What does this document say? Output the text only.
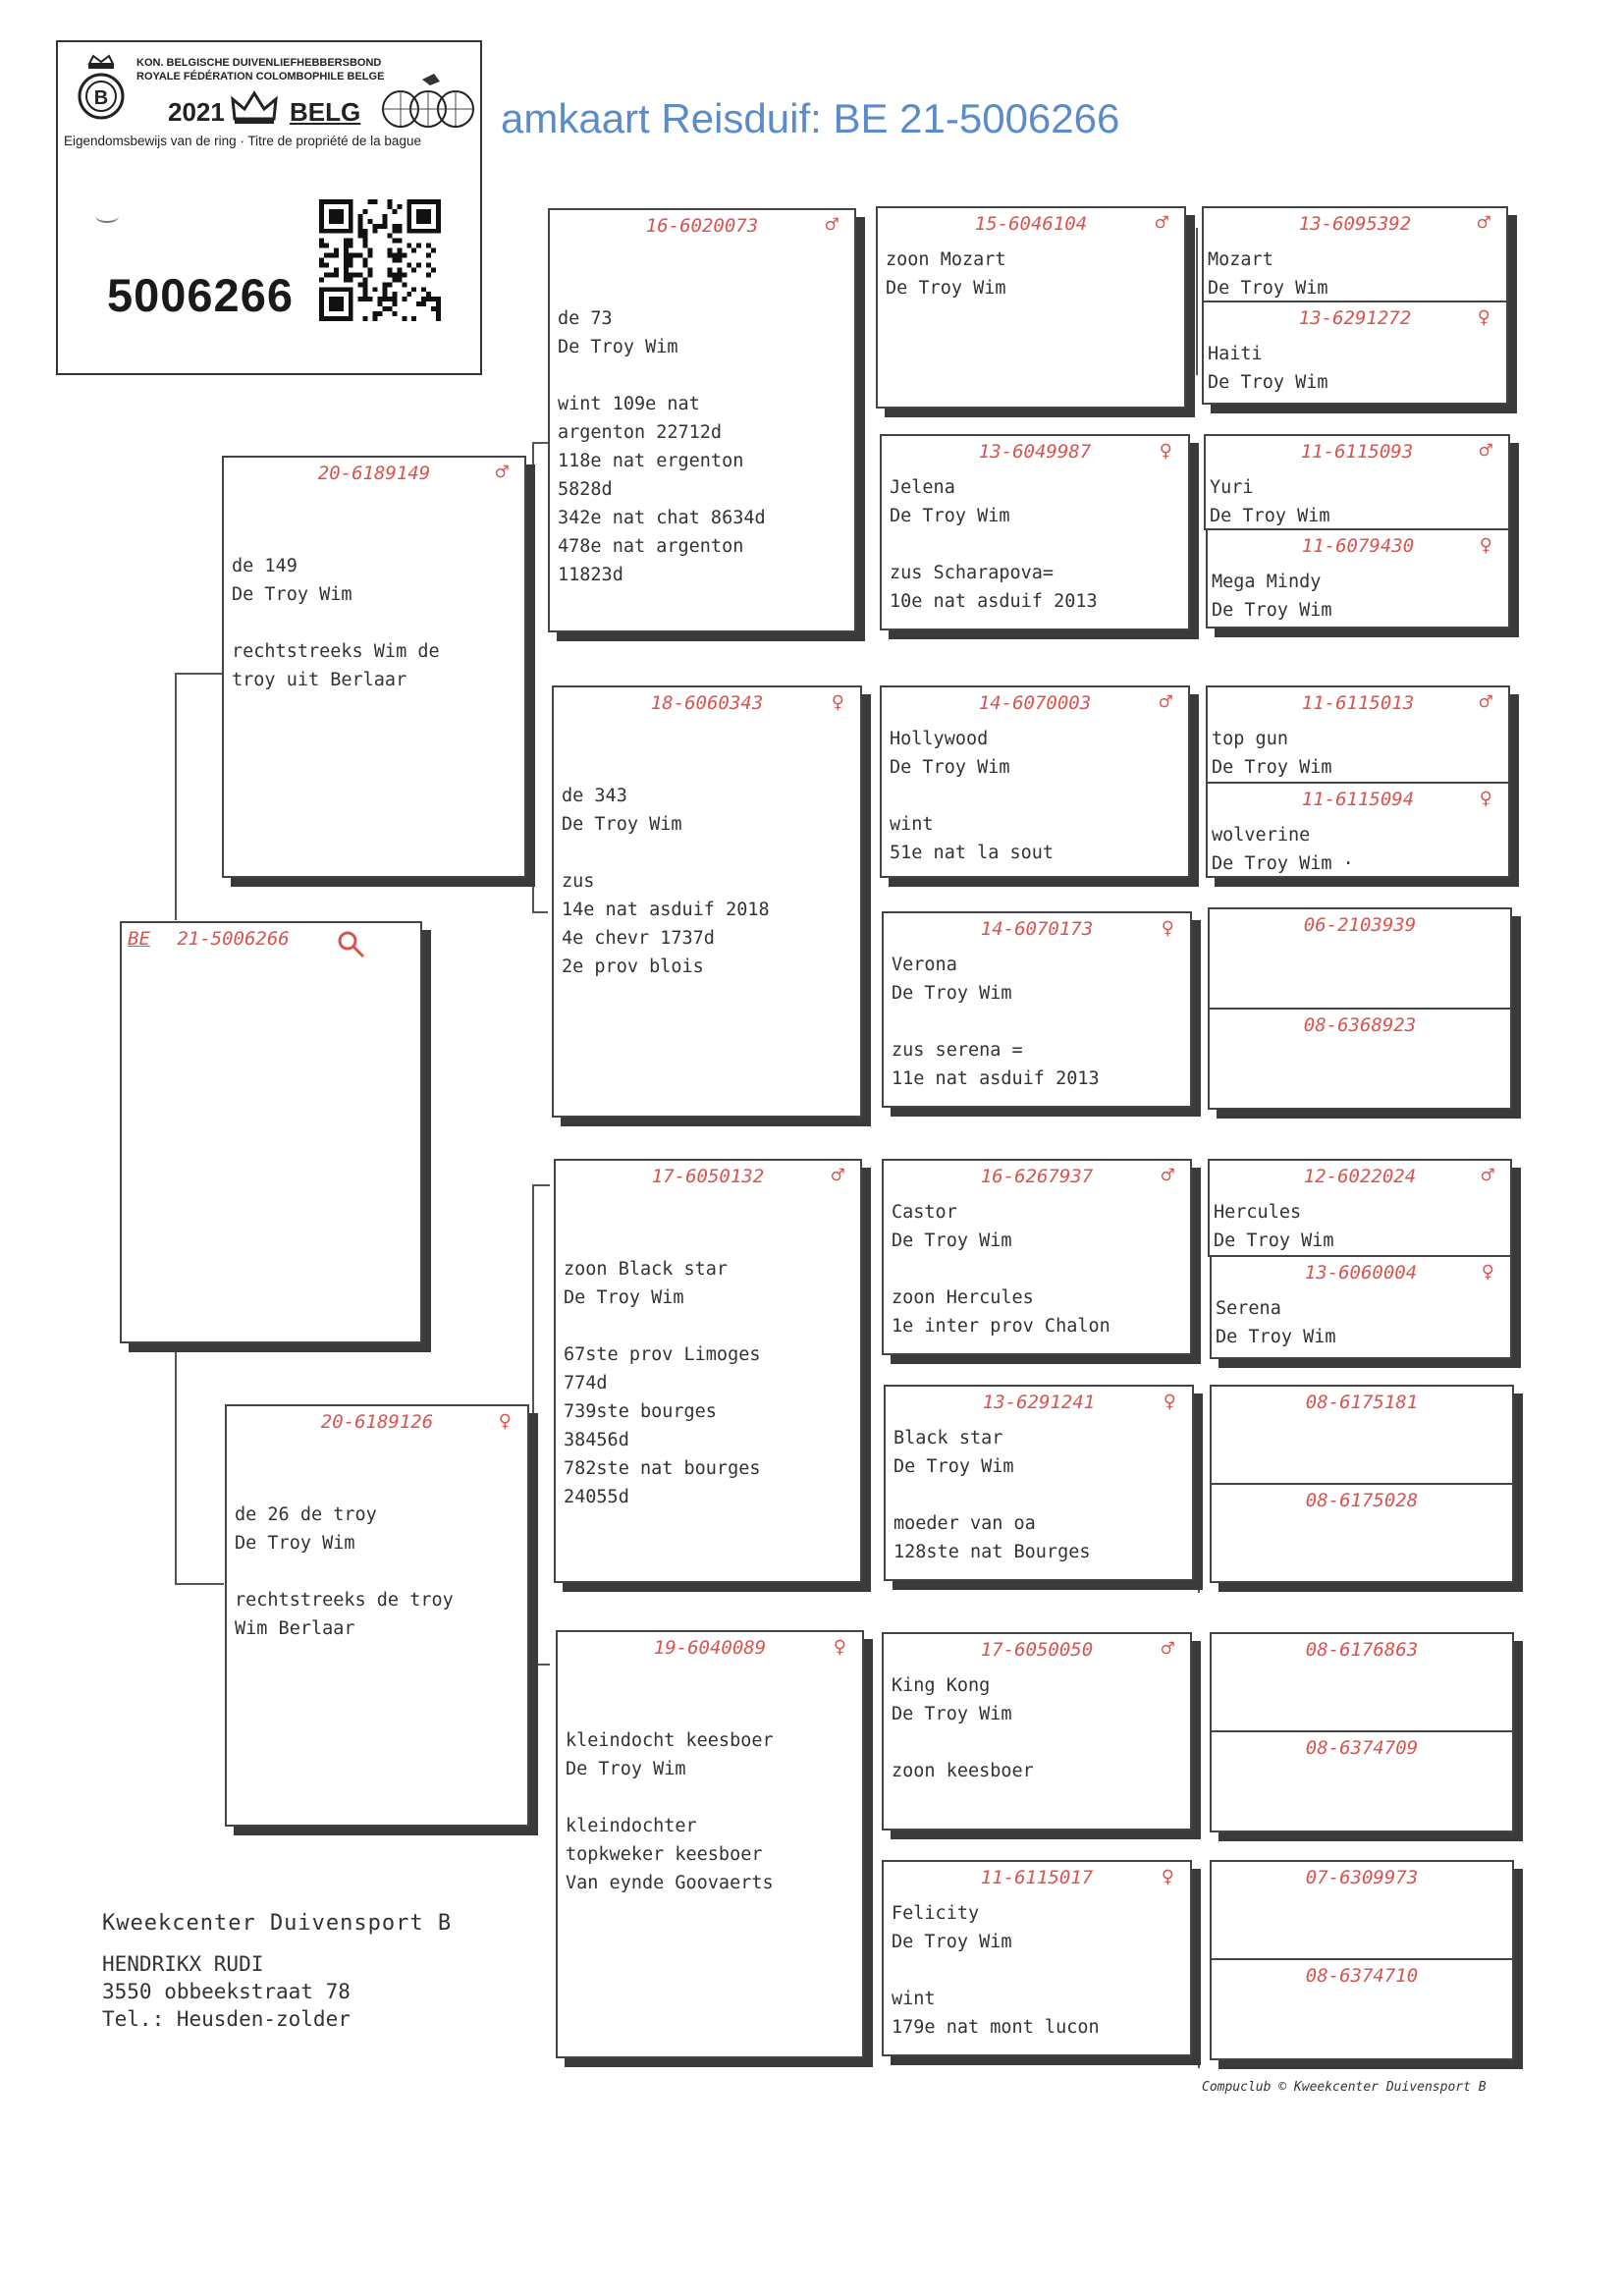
B
KON. BELGISCHE DUIVENLIEFHEBBERSBOND
ROYALE FÉDÉRATION COLOMBOPHILE BELGE
2021	BELG
Eigendomsbewijs van de ring · Titre de propriété de la bague
5006266
amkaart Reisduif: BE 21-5006266
BE 21-5006266
20-6189149	♂

de 149
De Troy Wim
rechtstreeks Wim de
troy uit Berlaar

20-6189126	♀

de 26 de troy
De Troy Wim
rechtstreeks de troy
Wim Berlaar

16-6020073	♂

de 73
De Troy Wim
wint 109e nat
argenton 22712d
118e nat ergenton
5828d
342e nat chat 8634d
478e nat argenton
11823d

18-6060343	♀

de 343
De Troy Wim
zus
14e nat asduif 2018
4e chevr 1737d
2e prov blois

17-6050132	♂

zoon Black star
De Troy Wim
67ste prov Limoges
774d
739ste bourges
38456d
782ste nat bourges
24055d

19-6040089	♀

kleindocht keesboer
De Troy Wim
kleindochter
topkweker keesboer
Van eynde Goovaerts

15-6046104	♂
zoon Mozart
De Troy Wim
13-6049987	♀
Jelena
De Troy Wim
zus Scharapova=
10e nat asduif 2013
14-6070003	♂
Hollywood
De Troy Wim
wint
51e nat la sout
14-6070173	♀
Verona
De Troy Wim
zus serena =
11e nat asduif 2013
16-6267937	♂
Castor
De Troy Wim
zoon Hercules
1e inter prov Chalon
13-6291241	♀
Black star
De Troy Wim
moeder van oa
128ste nat Bourges
17-6050050	♂
King Kong
De Troy Wim
zoon keesboer
11-6115017	♀
Felicity
De Troy Wim
wint
179e nat mont lucon
13-6095392	♂
Mozart
De Troy Wim
13-6291272	♀
Haiti
De Troy Wim
11-6115093	♂
Yuri
De Troy Wim
11-6079430	♀
Mega Mindy
De Troy Wim
11-6115013	♂
top gun
De Troy Wim
11-6115094	♀
wolverine
De Troy Wim ·
06-2103939
08-6368923
12-6022024	♂
Hercules
De Troy Wim
13-6060004	♀
Serena
De Troy Wim
08-6175181
08-6175028
08-6176863
08-6374709
07-6309973
08-6374710
Kweekcenter Duivensport B
HENDRIKX RUDI
3550 obbeekstraat 78
Tel.: Heusden-zolder
Compuclub © Kweekcenter Duivensport B
